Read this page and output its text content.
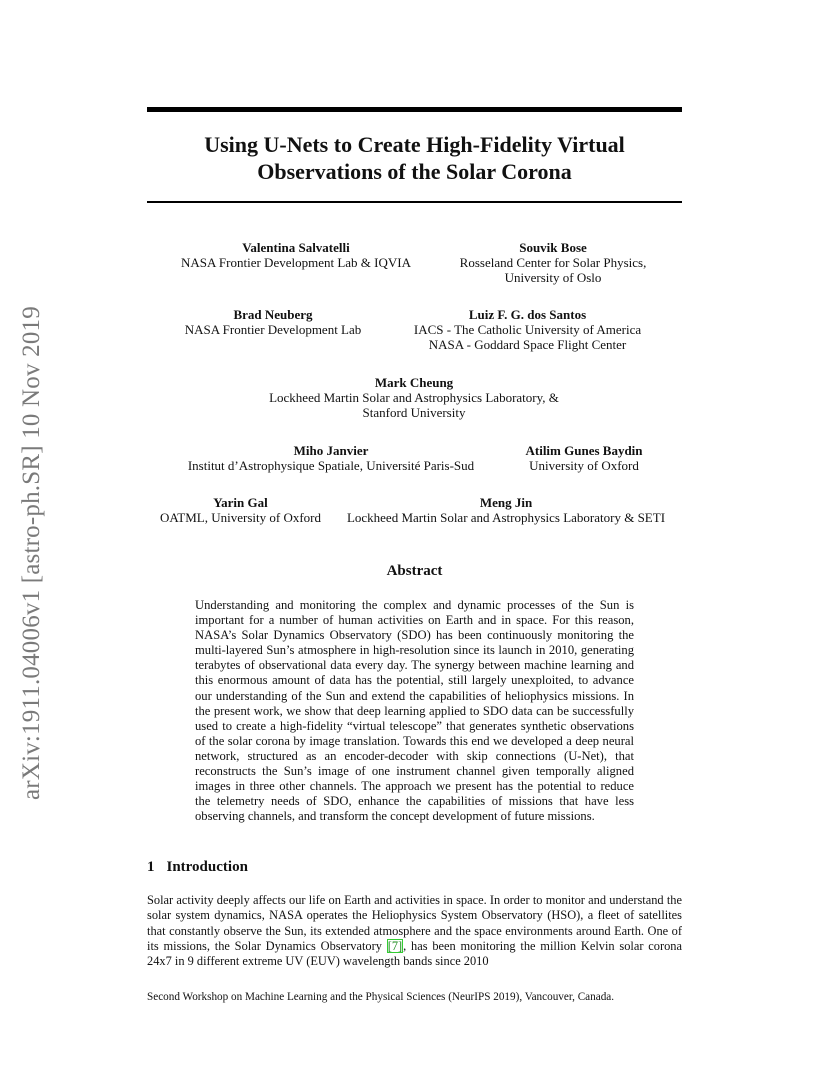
arXiv:1911.04006v1 [astro-ph.SR] 10 Nov 2019
Using U-Nets to Create High-Fidelity Virtual
Observations of the Solar Corona
Valentina Salvatelli
NASA Frontier Development Lab & IQVIA
Souvik Bose
Rosseland Center for Solar Physics,
University of Oslo
Brad Neuberg
NASA Frontier Development Lab
Luiz F. G. dos Santos
IACS - The Catholic University of America
NASA - Goddard Space Flight Center
Mark Cheung
Lockheed Martin Solar and Astrophysics Laboratory, &
Stanford University
Miho Janvier
Institut d’Astrophysique Spatiale, Université Paris-Sud
Atilim Gunes Baydin
University of Oxford
Yarin Gal
OATML, University of Oxford
Meng Jin
Lockheed Martin Solar and Astrophysics Laboratory & SETI
Abstract
Understanding and monitoring the complex and dynamic processes of the Sun is important for a number of human activities on Earth and in space. For this reason, NASA’s Solar Dynamics Observatory (SDO) has been continuously monitoring the multi-layered Sun’s atmosphere in high-resolution since its launch in 2010, generating terabytes of observational data every day. The synergy between machine learning and this enormous amount of data has the potential, still largely unexploited, to advance our understanding of the Sun and extend the capabilities of heliophysics missions. In the present work, we show that deep learning applied to SDO data can be successfully used to create a high-fidelity “virtual telescope” that generates synthetic observations of the solar corona by image translation. Towards this end we developed a deep neural network, structured as an encoder-decoder with skip connections (U-Net), that reconstructs the Sun’s image of one instrument channel given temporally aligned images in three other channels. The approach we present has the potential to reduce the telemetry needs of SDO, enhance the capabilities of missions that have less observing channels, and transform the concept development of future missions.
1 Introduction
Solar activity deeply affects our life on Earth and activities in space. In order to monitor and understand the solar system dynamics, NASA operates the Heliophysics System Observatory (HSO), a fleet of satellites that constantly observe the Sun, its extended atmosphere and the space environments around Earth. One of its missions, the Solar Dynamics Observatory [7], has been monitoring the million Kelvin solar corona 24x7 in 9 different extreme UV (EUV) wavelength bands since 2010
Second Workshop on Machine Learning and the Physical Sciences (NeurIPS 2019), Vancouver, Canada.
